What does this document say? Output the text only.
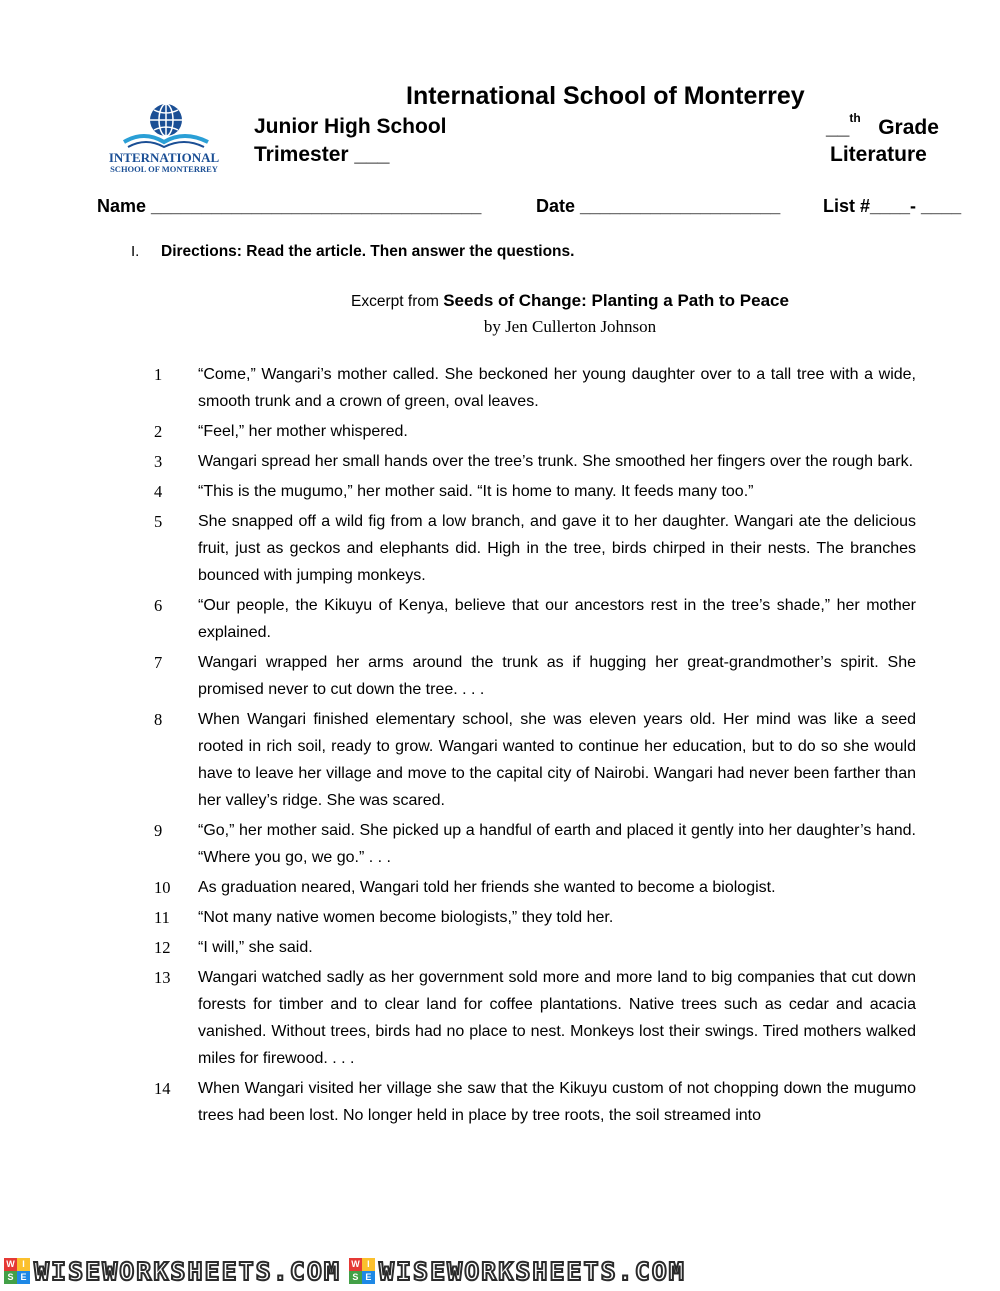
International School of Monterrey
INTERNATIONAL
SCHOOL OF MONTERREY
Junior High School
Trimester ___
__$^{th}$ Grade
Literature
Name _________________________________	Date ____________________ List #____- ____
I. Directions: Read the article. Then answer the questions.
Excerpt from Seeds of Change: Planting a Path to Peace
by Jen Cullerton Johnson
1	“Come,” Wangari’s mother called. She beckoned her young daughter over to a tall tree with a wide, smooth trunk and a crown of green, oval leaves.
2	“Feel,” her mother whispered.
3	Wangari spread her small hands over the tree’s trunk. She smoothed her fingers over the rough bark.
4	“This is the mugumo,” her mother said. “It is home to many. It feeds many too.”
5	She snapped off a wild fig from a low branch, and gave it to her daughter. Wangari ate the delicious fruit, just as geckos and elephants did. High in the tree, birds chirped in their nests. The branches bounced with jumping monkeys.
6	“Our people, the Kikuyu of Kenya, believe that our ancestors rest in the tree’s shade,” her mother explained.
7	Wangari wrapped her arms around the trunk as if hugging her great-grandmother’s spirit. She promised never to cut down the tree. . . .
8	When Wangari finished elementary school, she was eleven years old. Her mind was like a seed rooted in rich soil, ready to grow. Wangari wanted to continue her education, but to do so she would have to leave her village and move to the capital city of Nairobi. Wangari had never been farther than her valley’s ridge. She was scared.
9	“Go,” her mother said. She picked up a handful of earth and placed it gently into her daughter’s hand. “Where you go, we go.” . . .
10	As graduation neared, Wangari told her friends she wanted to become a biologist.
11	“Not many native women become biologists,” they told her.
12	“I will,” she said.
13	Wangari watched sadly as her government sold more and more land to big companies that cut down forests for timber and to clear land for coffee plantations. Native trees such as cedar and acacia vanished. Without trees, birds had no place to nest. Monkeys lost their swings. Tired mothers walked miles for firewood. . . .
14	When Wangari visited her village she saw that the Kikuyu custom of not chopping down the mugumo trees had been lost. No longer held in place by tree roots, the soil streamed into
W I
S E WISEWORKSHEETS.COM W I
S E WISEWORKSHEETS.COM
